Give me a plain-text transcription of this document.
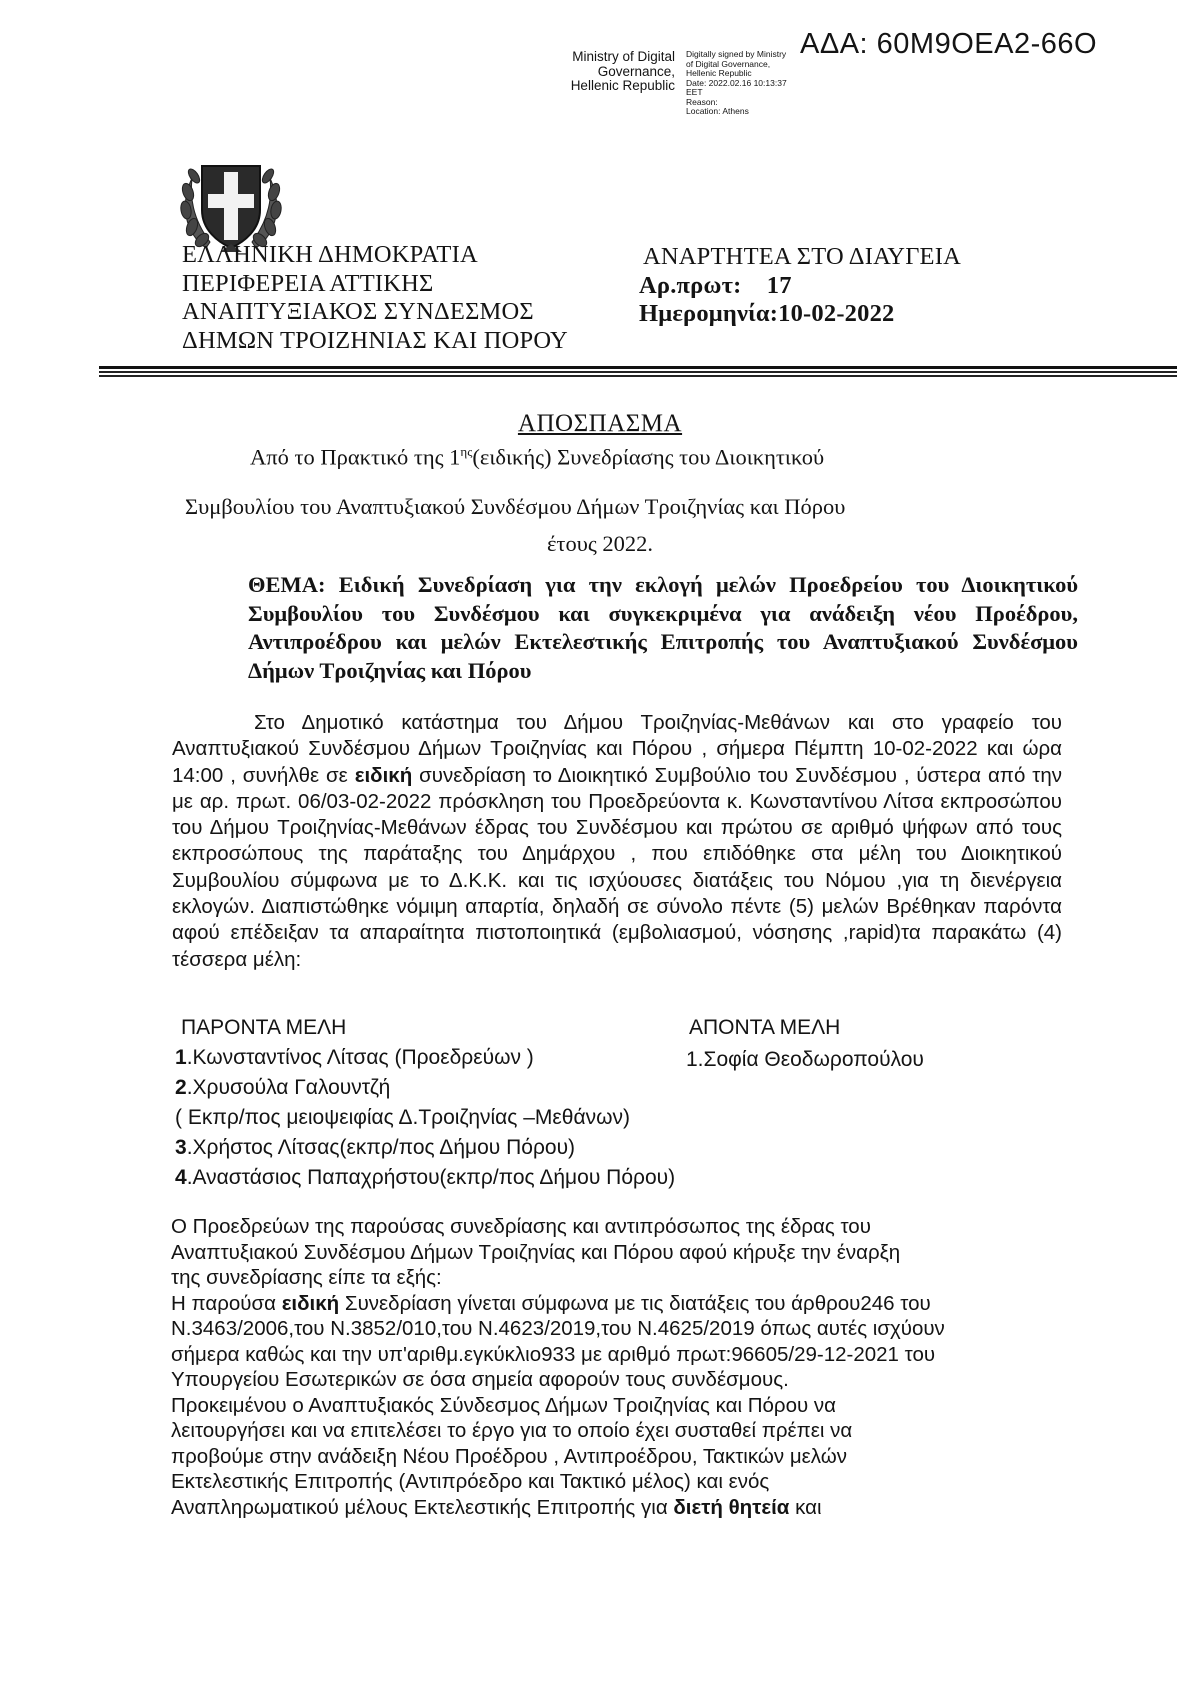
ΑΔΑ: 60Μ9ΟΕΑ2-66Ο
Ministry of Digital
Governance,
Hellenic Republic
Digitally signed by Ministry
of Digital Governance,
Hellenic Republic
Date: 2022.02.16 10:13:37
EET
Reason:
Location: Athens
ΕΛΛΗΝΙΚΗ ΔΗΜΟΚΡΑΤΙΑ
ΠΕΡΙΦΕΡΕΙΑ ΑΤΤΙΚΗΣ
ΑΝΑΠΤΥΞΙΑΚΟΣ ΣΥΝΔΕΣΜΟΣ
ΔΗΜΩΝ ΤΡΟΙΖΗΝΙΑΣ ΚΑΙ ΠΟΡΟΥ
ΑΝΑΡΤΗΤΕΑ ΣΤΟ ΔΙΑΥΓΕΙΑ
Αρ.πρωτ: 17
Ημερομηνία:10-02-2022
ΑΠΟΣΠΑΣΜΑ
Από το Πρακτικό της $1^{\eta\varsigma}(\varepsilon\iota\delta\iota\kappa ή\varsigma)$ Συνεδρίασης του Διοικητικού
Συμβουλίου του Αναπτυξιακού Συνδέσμου Δήμων Τροιζηνίας και Πόρου
έτους 2022.
ΘΕΜΑ: Ειδική Συνεδρίαση για την εκλογή μελών Προεδρείου του Διοικητικού Συμβουλίου του Συνδέσμου και συγκεκριμένα για ανάδειξη νέου Προέδρου, Αντιπροέδρου και μελών Εκτελεστικής Επιτροπής του Αναπτυξιακού Συνδέσμου Δήμων Τροιζηνίας και Πόρου
Στο Δημοτικό κατάστημα του Δήμου Τροιζηνίας-Μεθάνων και στο γραφείο του Αναπτυξιακού Συνδέσμου Δήμων Τροιζηνίας και Πόρου , σήμερα Πέμπτη 10-02-2022 και ώρα 14:00 , συνήλθε σε ειδική συνεδρίαση το Διοικητικό Συμβούλιο του Συνδέσμου , ύστερα από την με αρ. πρωτ. 06/03-02-2022 πρόσκληση του Προεδρεύοντα κ. Κωνσταντίνου Λίτσα εκπροσώπου του Δήμου Τροιζηνίας-Μεθάνων έδρας του Συνδέσμου και πρώτου σε αριθμό ψήφων από τους εκπροσώπους της παράταξης του Δημάρχου , που επιδόθηκε στα μέλη του Διοικητικού Συμβουλίου σύμφωνα με το Δ.Κ.Κ. και τις ισχύουσες διατάξεις του Νόμου ,για τη διενέργεια εκλογών. Διαπιστώθηκε νόμιμη απαρτία, δηλαδή σε σύνολο πέντε (5) μελών Βρέθηκαν παρόντα αφού επέδειξαν τα απαραίτητα πιστοποιητικά (εμβολιασμού, νόσησης ,rapid)τα παρακάτω (4) τέσσερα μέλη:
ΠΑΡΟΝΤΑ ΜΕΛΗ	ΑΠΟΝΤΑ ΜΕΛΗ
1.Κωνσταντίνος Λίτσας (Προεδρεύων )
2.Χρυσούλα Γαλουντζή
( Εκπρ/πος μειοψειφίας Δ.Τροιζηνίας –Μεθάνων)
3.Χρήστος Λίτσας(εκπρ/πος Δήμου Πόρου)
4.Αναστάσιος Παπαχρήστου(εκπρ/πος Δήμου Πόρου)
1.Σοφία Θεοδωροπούλου
Ο Προεδρεύων της παρούσας συνεδρίασης και αντιπρόσωπος της έδρας του
Αναπτυξιακού Συνδέσμου Δήμων Τροιζηνίας και Πόρου αφού κήρυξε την έναρξη
της συνεδρίασης είπε τα εξής:
Η παρούσα ειδική Συνεδρίαση γίνεται σύμφωνα με τις διατάξεις του άρθρου246 του
Ν.3463/2006,του Ν.3852/010,του Ν.4623/2019,του Ν.4625/2019 όπως αυτές ισχύουν
σήμερα καθώς και την υπ'αριθμ.εγκύκλιο933 με αριθμό πρωτ:96605/29-12-2021 του
Υπουργείου Εσωτερικών σε όσα σημεία αφορούν τους συνδέσμους.
Προκειμένου ο Αναπτυξιακός Σύνδεσμος Δήμων Τροιζηνίας και Πόρου να
λειτουργήσει και να επιτελέσει το έργο για το οποίο έχει συσταθεί πρέπει να
προβούμε στην ανάδειξη Νέου Προέδρου , Αντιπροέδρου, Τακτικών μελών
Εκτελεστικής Επιτροπής (Αντιπρόεδρο και Τακτικό μέλος) και ενός
Αναπληρωματικού μέλους Εκτελεστικής Επιτροπής για διετή θητεία και
